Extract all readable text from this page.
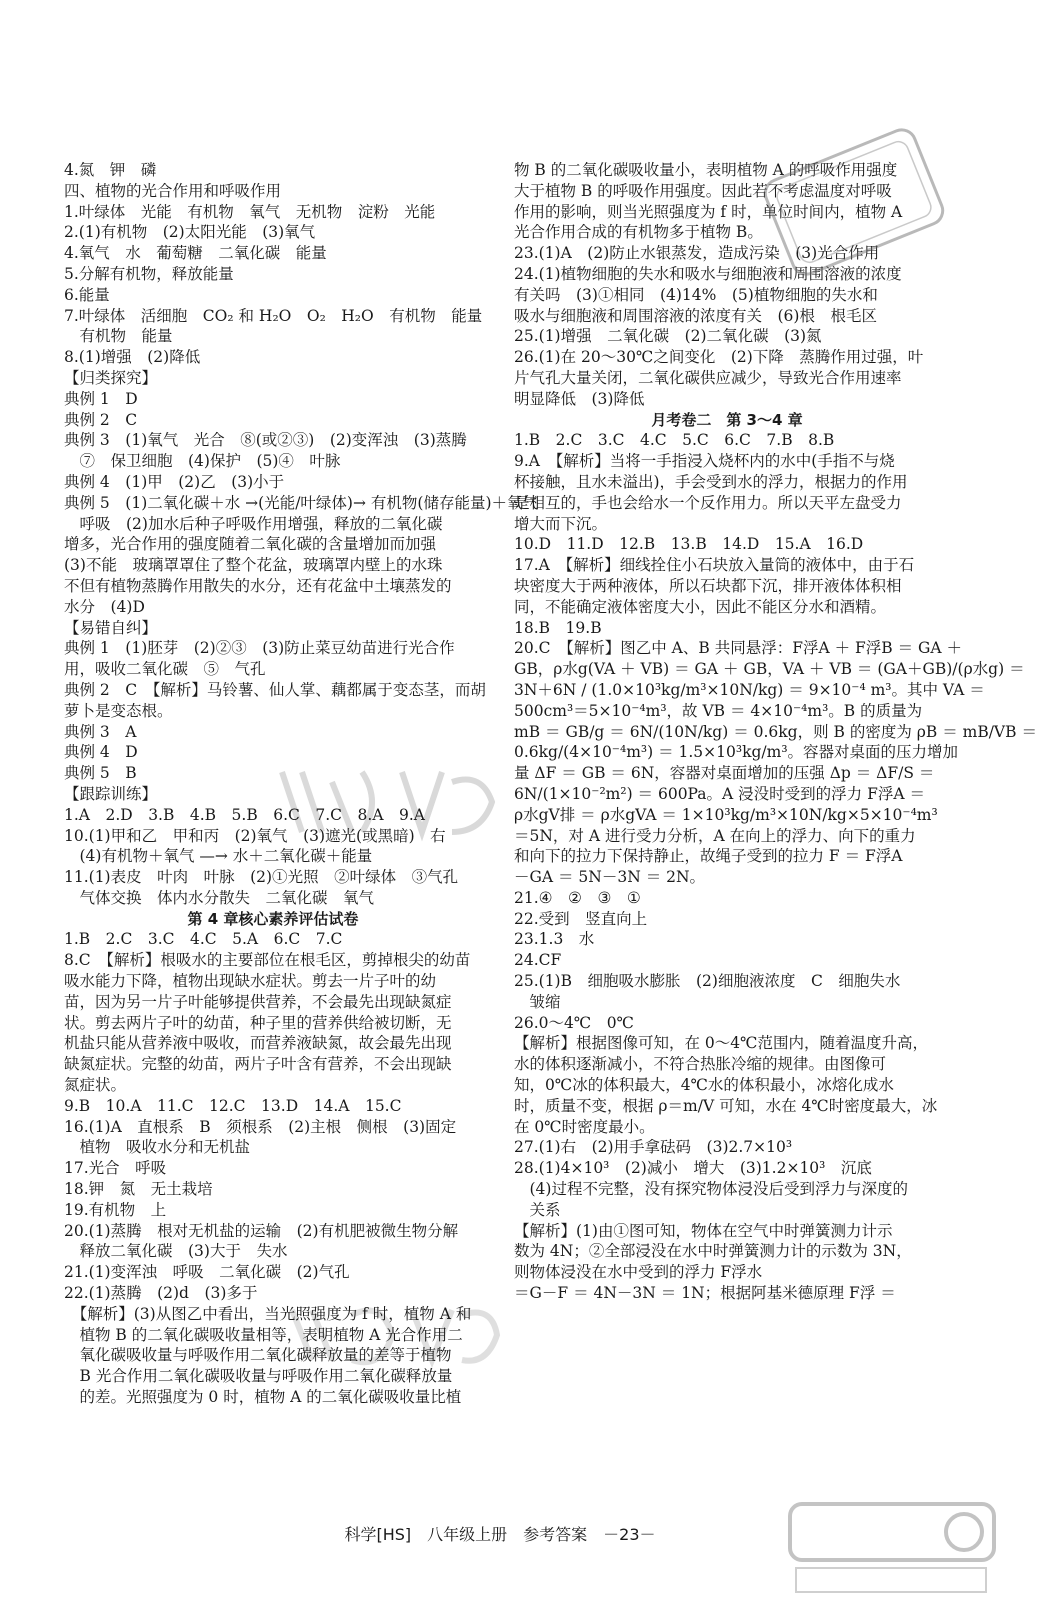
4.氮　钾　磷
四、植物的光合作用和呼吸作用
1.叶绿体　光能　有机物　氧气　无机物　淀粉　光能
2.(1)有机物　(2)太阳光能　(3)氧气
4.氧气　水　葡萄糖　二氧化碳　能量
5.分解有机物，释放能量
6.能量
7.叶绿体　活细胞　CO₂ 和 H₂O　O₂　H₂O　有机物　能量
　有机物　能量
8.(1)增强　(2)降低
【归类探究】
典例 1　D
典例 2　C
典例 3　(1)氧气　光合　⑧(或②③)　(2)变浑浊　(3)蒸腾
　⑦　保卫细胞　(4)保护　(5)④　叶脉
典例 4　(1)甲　(2)乙　(3)小于
典例 5　(1)二氧化碳＋水 →(光能/叶绿体)→ 有机物(储存能量)＋氧气
　呼吸　(2)加水后种子呼吸作用增强，释放的二氧化碳
增多，光合作用的强度随着二氧化碳的含量增加而加强
(3)不能　玻璃罩罩住了整个花盆，玻璃罩内壁上的水珠
不但有植物蒸腾作用散失的水分，还有花盆中土壤蒸发的
水分　(4)D
【易错自纠】
典例 1　(1)胚芽　(2)②③　(3)防止菜豆幼苗进行光合作
用，吸收二氧化碳　⑤　气孔
典例 2　C　【解析】马铃薯、仙人掌、藕都属于变态茎，而胡
萝卜是变态根。
典例 3　A
典例 4　D
典例 5　B
【跟踪训练】
1.A　2.D　3.B　4.B　5.B　6.C　7.C　8.A　9.A
10.(1)甲和乙　甲和丙　(2)氧气　(3)遮光(或黑暗)　右
　(4)有机物＋氧气 —→ 水＋二氧化碳＋能量
11.(1)表皮　叶肉　叶脉　(2)①光照　②叶绿体　③气孔
　气体交换　体内水分散失　二氧化碳　氧气
第 4 章核心素养评估试卷
1.B　2.C　3.C　4.C　5.A　6.C　7.C
8.C　【解析】根吸水的主要部位在根毛区，剪掉根尖的幼苗
吸水能力下降，植物出现缺水症状。剪去一片子叶的幼
苗，因为另一片子叶能够提供营养，不会最先出现缺氮症
状。剪去两片子叶的幼苗，种子里的营养供给被切断，无
机盐只能从营养液中吸收，而营养液缺氮，故会最先出现
缺氮症状。完整的幼苗，两片子叶含有营养，不会出现缺
氮症状。
9.B　10.A　11.C　12.C　13.D　14.A　15.C
16.(1)A　直根系　B　须根系　(2)主根　侧根　(3)固定
　植物　吸收水分和无机盐
17.光合　呼吸
18.钾　氮　无土栽培
19.有机物　上
20.(1)蒸腾　根对无机盐的运输　(2)有机肥被微生物分解
　释放二氧化碳　(3)大于　失水
21.(1)变浑浊　呼吸　二氧化碳　(2)气孔
22.(1)蒸腾　(2)d　(3)多于
　【解析】(3)从图乙中看出，当光照强度为 f 时，植物 A 和
　植物 B 的二氧化碳吸收量相等，表明植物 A 光合作用二
　氧化碳吸收量与呼吸作用二氧化碳释放量的差等于植物
　B 光合作用二氧化碳吸收量与呼吸作用二氧化碳释放量
　的差。光照强度为 0 时，植物 A 的二氧化碳吸收量比植
物 B 的二氧化碳吸收量小，表明植物 A 的呼吸作用强度
大于植物 B 的呼吸作用强度。因此若不考虑温度对呼吸
作用的影响，则当光照强度为 f 时，单位时间内，植物 A
光合作用合成的有机物多于植物 B。
23.(1)A　(2)防止水银蒸发，造成污染　(3)光合作用
24.(1)植物细胞的失水和吸水与细胞液和周围溶液的浓度
有关吗　(3)①相同　(4)14%　(5)植物细胞的失水和
吸水与细胞液和周围溶液的浓度有关　(6)根　根毛区
25.(1)增强　二氧化碳　(2)二氧化碳　(3)氮
26.(1)在 20～30℃之间变化　(2)下降　蒸腾作用过强，叶
片气孔大量关闭，二氧化碳供应减少，导致光合作用速率
明显降低　(3)降低
月考卷二　第 3～4 章
1.B　2.C　3.C　4.C　5.C　6.C　7.B　8.B
9.A　【解析】当将一手指浸入烧杯内的水中(手指不与烧
杯接触，且水未溢出)，手会受到水的浮力，根据力的作用
是相互的，手也会给水一个反作用力。所以天平左盘受力
增大而下沉。
10.D　11.D　12.B　13.B　14.D　15.A　16.D
17.A　【解析】细线拴住小石块放入量筒的液体中，由于石
块密度大于两种液体，所以石块都下沉，排开液体体积相
同，不能确定液体密度大小，因此不能区分水和酒精。
18.B　19.B
20.C　【解析】图乙中 A、B 共同悬浮：F浮A ＋ F浮B ＝ GA ＋
GB，ρ水g(VA ＋ VB) ＝ GA ＋ GB，VA ＋ VB ＝ (GA＋GB)/(ρ水g) ＝
3N＋6N / (1.0×10³kg/m³×10N/kg) ＝ 9×10⁻⁴ m³。其中 VA ＝
500cm³＝5×10⁻⁴m³，故 VB ＝ 4×10⁻⁴m³。B 的质量为
mB ＝ GB/g ＝ 6N/(10N/kg) ＝ 0.6kg，则 B 的密度为 ρB ＝ mB/VB ＝
0.6kg/(4×10⁻⁴m³) ＝ 1.5×10³kg/m³。容器对桌面的压力增加
量 ΔF ＝ GB ＝ 6N，容器对桌面增加的压强 Δp ＝ ΔF/S ＝
6N/(1×10⁻²m²) ＝ 600Pa。A 浸没时受到的浮力 F浮A ＝
ρ水gV排 ＝ ρ水gVA ＝ 1×10³kg/m³×10N/kg×5×10⁻⁴m³
＝5N，对 A 进行受力分析，A 在向上的浮力、向下的重力
和向下的拉力下保持静止，故绳子受到的拉力 F ＝ F浮A
－GA ＝ 5N－3N ＝ 2N。
21.④　②　③　①
22.受到　竖直向上
23.1.3　水
24.CF
25.(1)B　细胞吸水膨胀　(2)细胞液浓度　C　细胞失水
　皱缩
26.0～4℃　0℃
【解析】根据图像可知，在 0～4℃范围内，随着温度升高，
水的体积逐渐减小，不符合热胀冷缩的规律。由图像可
知，0℃冰的体积最大，4℃水的体积最小，冰熔化成水
时，质量不变，根据 ρ＝m/V 可知，水在 4℃时密度最大，冰
在 0℃时密度最小。
27.(1)右　(2)用手拿砝码　(3)2.7×10³
28.(1)4×10³　(2)减小　增大　(3)1.2×10³　沉底
　(4)过程不完整，没有探究物体浸没后受到浮力与深度的
　关系
【解析】(1)由①图可知，物体在空气中时弹簧测力计示
数为 4N；②全部浸没在水中时弹簧测力计的示数为 3N，
则物体浸没在水中受到的浮力 F浮水
＝G－F ＝ 4N－3N ＝ 1N；根据阿基米德原理 F浮 ＝
科学[HS]　八年级上册　参考答案　－23－
